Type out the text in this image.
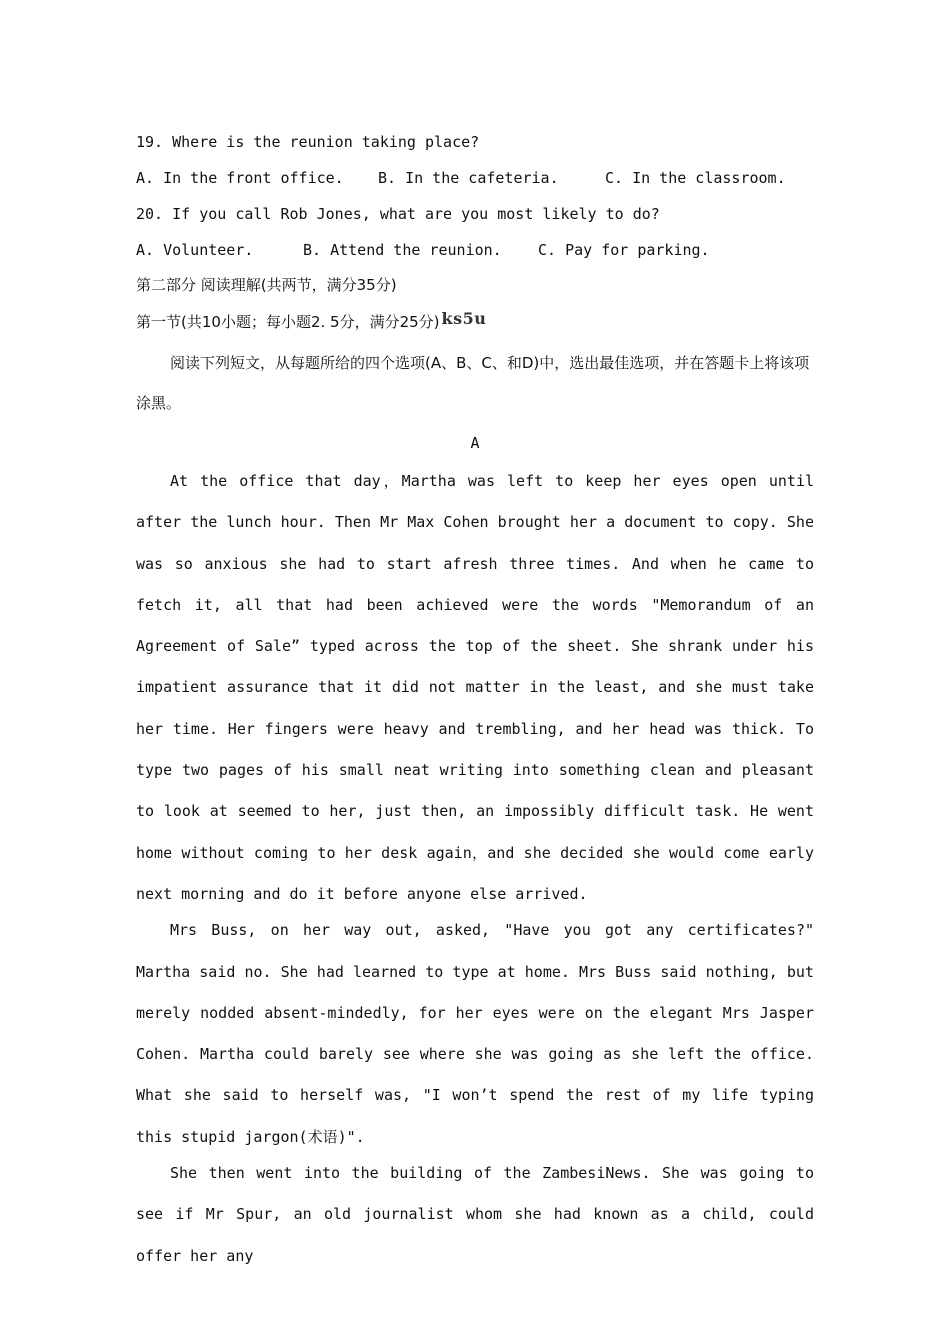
19. Where is the reunion taking place?

A. In the front office.	B. In the cafeteria.	C. In the classroom.

20. If you call Rob Jones, what are you most likely to do?

A. Volunteer.	B. Attend the reunion.	C. Pay for parking.

第二部分 阅读理解(共两节，满分35分)

第一节(共10小题；每小题2. 5分，满分25分) ks5u

阅读下列短文，从每题所给的四个选项(A、B、C、和D)中，选出最佳选项，并在答题卡上将该项涂黑。

A

At the office that day，Martha was left to keep her eyes open until after the lunch hour. Then Mr Max Cohen brought her a document to copy. She was so anxious she had to start afresh three times. And when he came to fetch it, all that had been achieved were the words "Memorandum of an Agreement of Sale” typed across the top of the sheet. She shrank under his impatient assurance that it did not matter in the least, and she must take her time. Her fingers were heavy and trembling, and her head was thick. To type two pages of his small neat writing into something clean and pleasant to look at seemed to her, just then, an impossibly difficult task. He went home without coming to her desk again，and she decided she would come early next morning and do it before anyone else arrived.

Mrs Buss, on her way out, asked, "Have you got any certificates?" Martha said no. She had learned to type at home. Mrs Buss said nothing, but merely nodded absent-mindedly, for her eyes were on the elegant Mrs Jasper Cohen. Martha could barely see where she was going as she left the office. What she said to herself was, "I won’t spend the rest of my life typing this stupid jargon(术语)".

She then went into the building of the ZambesiNews. She was going to see if Mr Spur, an old journalist whom she had known as a child, could offer her any
